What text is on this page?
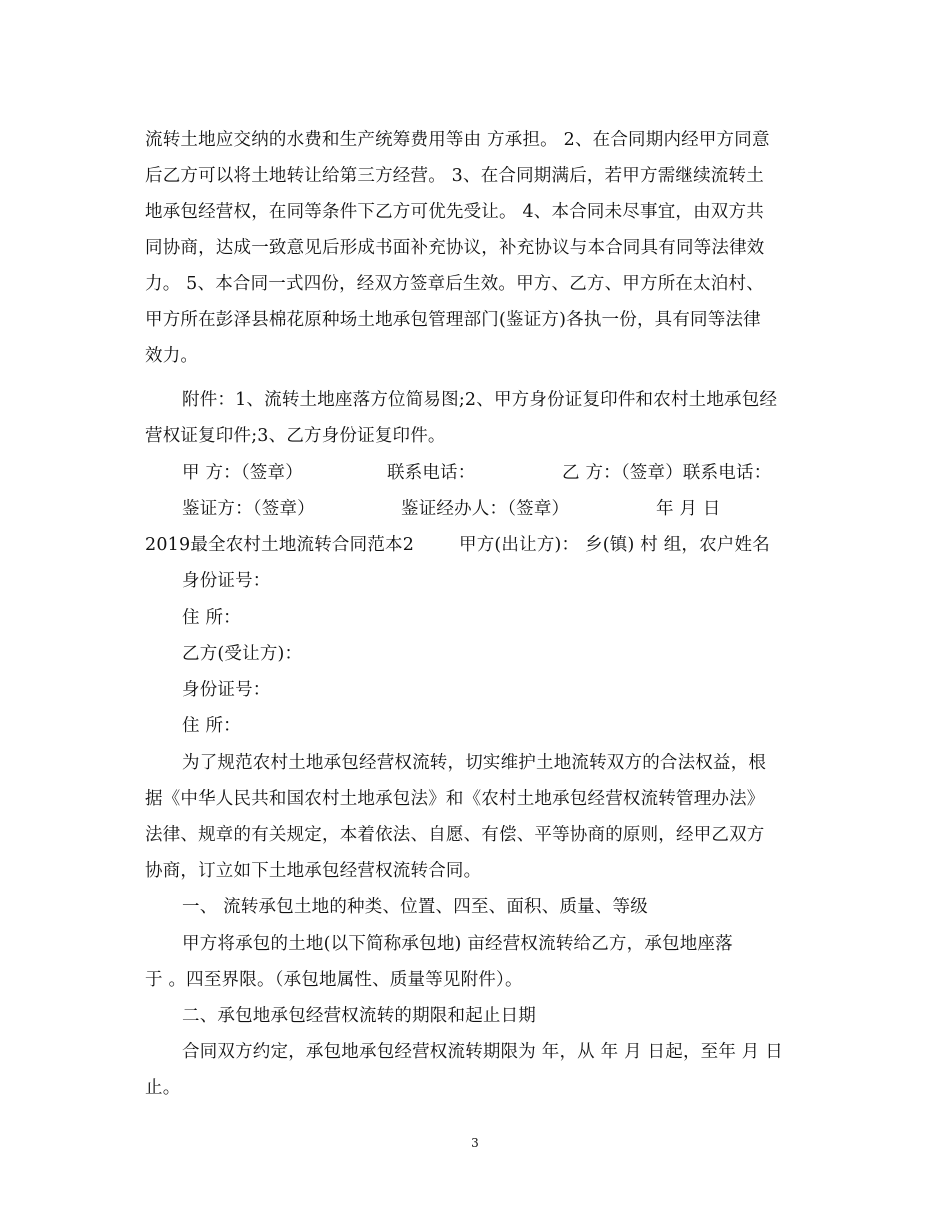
流转土地应交纳的水费和生产统筹费用等由 方承担。 2、在合同期内经甲方同意
后乙方可以将土地转让给第三方经营。 3、在合同期满后，若甲方需继续流转土
地承包经营权，在同等条件下乙方可优先受让。 4、本合同未尽事宜，由双方共
同协商，达成一致意见后形成书面补充协议，补充协议与本合同具有同等法律效
力。 5、本合同一式四份，经双方签章后生效。甲方、乙方、甲方所在太泊村、
甲方所在彭泽县棉花原种场土地承包管理部门(鉴证方)各执一份，具有同等法律
效力。
附件：1、流转土地座落方位简易图;2、甲方身份证复印件和农村土地承包经
营权证复印件;3、乙方身份证复印件。
甲 方：（签章）	联系电话：	乙 方：（签章）联系电话：
鉴证方：（签章）	鉴证经办人：（签章）	年 月 日
2019最全农村土地流转合同范本2	甲方(出让方)： 乡(镇) 村 组，农户姓名
身份证号：
住 所：
乙方(受让方)：
身份证号：
住 所：
为了规范农村土地承包经营权流转，切实维护土地流转双方的合法权益，根
据《中华人民共和国农村土地承包法》和《农村土地承包经营权流转管理办法》
法律、规章的有关规定，本着依法、自愿、有偿、平等协商的原则，经甲乙双方
协商，订立如下土地承包经营权流转合同。
一、 流转承包土地的种类、位置、四至、面积、质量、等级
甲方将承包的土地(以下简称承包地) 亩经营权流转给乙方，承包地座落
于 。四至界限。（承包地属性、质量等见附件）。
二、承包地承包经营权流转的期限和起止日期
合同双方约定，承包地承包经营权流转期限为 年，从 年 月 日起，至年 月 日
止。
3
